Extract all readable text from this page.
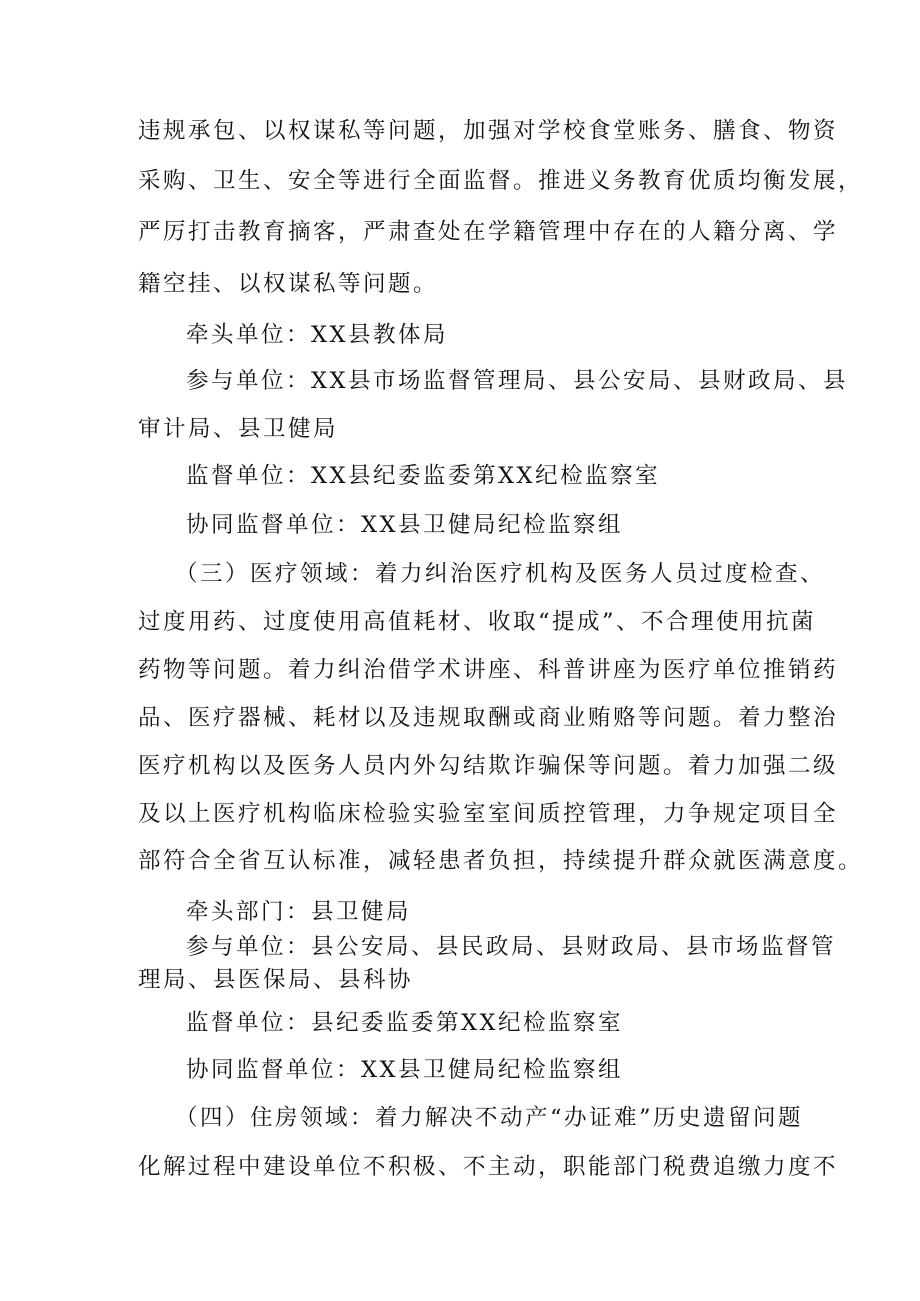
违规承包、以权谋私等问题，加强对学校食堂账务、膳食、物资
采购、卫生、安全等进行全面监督。推进义务教育优质均衡发展，
严厉打击教育摘客，严肃查处在学籍管理中存在的人籍分离、学
籍空挂、以权谋私等问题。
牵头单位：XX县教体局
参与单位：XX县市场监督管理局、县公安局、县财政局、县
审计局、县卫健局
监督单位：XX县纪委监委第XX纪检监察室
协同监督单位：XX县卫健局纪检监察组
（三）医疗领域：着力纠治医疗机构及医务人员过度检查、
过度用药、过度使用高值耗材、收取“提成”、不合理使用抗菌
药物等问题。着力纠治借学术讲座、科普讲座为医疗单位推销药
品、医疗器械、耗材以及违规取酬或商业贿赂等问题。着力整治
医疗机构以及医务人员内外勾结欺诈骗保等问题。着力加强二级
及以上医疗机构临床检验实验室室间质控管理，力争规定项目全
部符合全省互认标准，减轻患者负担，持续提升群众就医满意度。
牵头部门：县卫健局
参与单位：县公安局、县民政局、县财政局、县市场监督管
理局、县医保局、县科协
监督单位：县纪委监委第XX纪检监察室
协同监督单位：XX县卫健局纪检监察组
（四）住房领域：着力解决不动产“办证难”历史遗留问题
化解过程中建设单位不积极、不主动，职能部门税费追缴力度不
